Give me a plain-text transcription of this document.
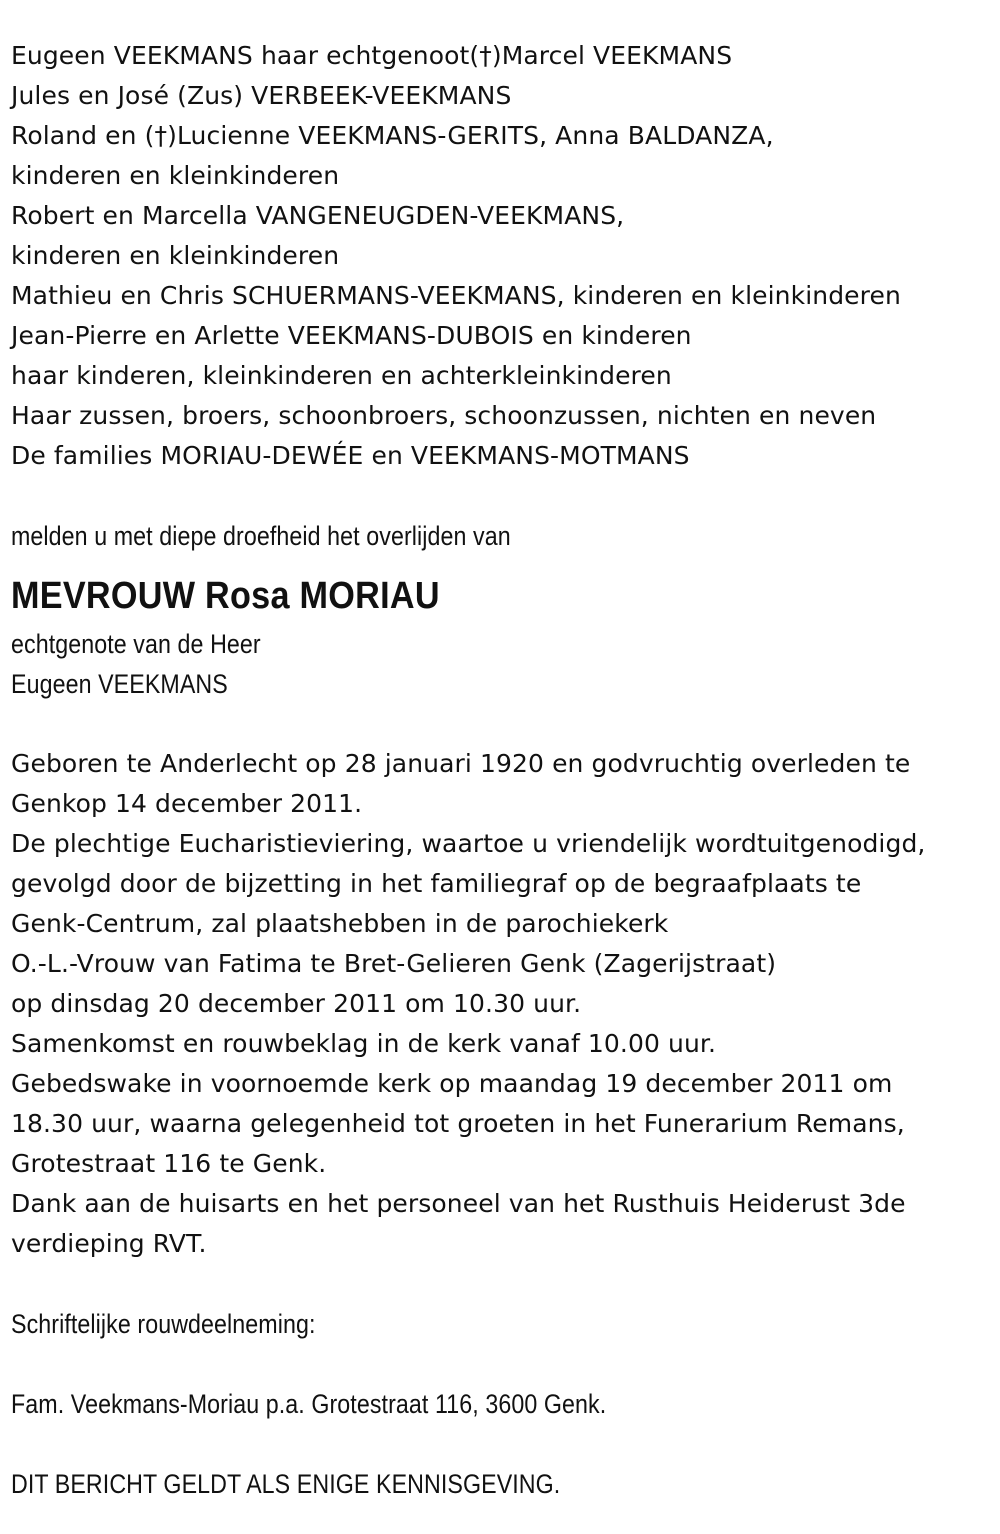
Eugeen VEEKMANS haar echtgenoot(†)Marcel VEEKMANS
Jules en José (Zus) VERBEEK-VEEKMANS
Roland en (†)Lucienne VEEKMANS-GERITS, Anna BALDANZA,
kinderen en kleinkinderen
Robert en Marcella VANGENEUGDEN-VEEKMANS,
kinderen en kleinkinderen
Mathieu en Chris SCHUERMANS-VEEKMANS, kinderen en kleinkinderen
Jean-Pierre en Arlette VEEKMANS-DUBOIS en kinderen
haar kinderen, kleinkinderen en achterkleinkinderen
Haar zussen, broers, schoonbroers, schoonzussen, nichten en neven
De families MORIAU-DEWÉE en VEEKMANS-MOTMANS
melden u met diepe droefheid het overlijden van
MEVROUW Rosa MORIAU
echtgenote van de Heer
Eugeen VEEKMANS
Geboren te Anderlecht op 28 januari 1920 en godvruchtig overleden te
Genkop 14 december 2011.
De plechtige Eucharistieviering, waartoe u vriendelijk wordtuitgenodigd,
gevolgd door de bijzetting in het familiegraf op de begraafplaats te
Genk-Centrum, zal plaatshebben in de parochiekerk
O.-L.-Vrouw van Fatima te Bret-Gelieren Genk (Zagerijstraat)
op dinsdag 20 december 2011 om 10.30 uur.
Samenkomst en rouwbeklag in de kerk vanaf 10.00 uur.
Gebedswake in voornoemde kerk op maandag 19 december 2011 om
18.30 uur, waarna gelegenheid tot groeten in het Funerarium Remans,
Grotestraat 116 te Genk.
Dank aan de huisarts en het personeel van het Rusthuis Heiderust 3de
verdieping RVT.
Schriftelijke rouwdeelneming:
Fam. Veekmans-Moriau p.a. Grotestraat 116, 3600 Genk.
DIT BERICHT GELDT ALS ENIGE KENNISGEVING.
